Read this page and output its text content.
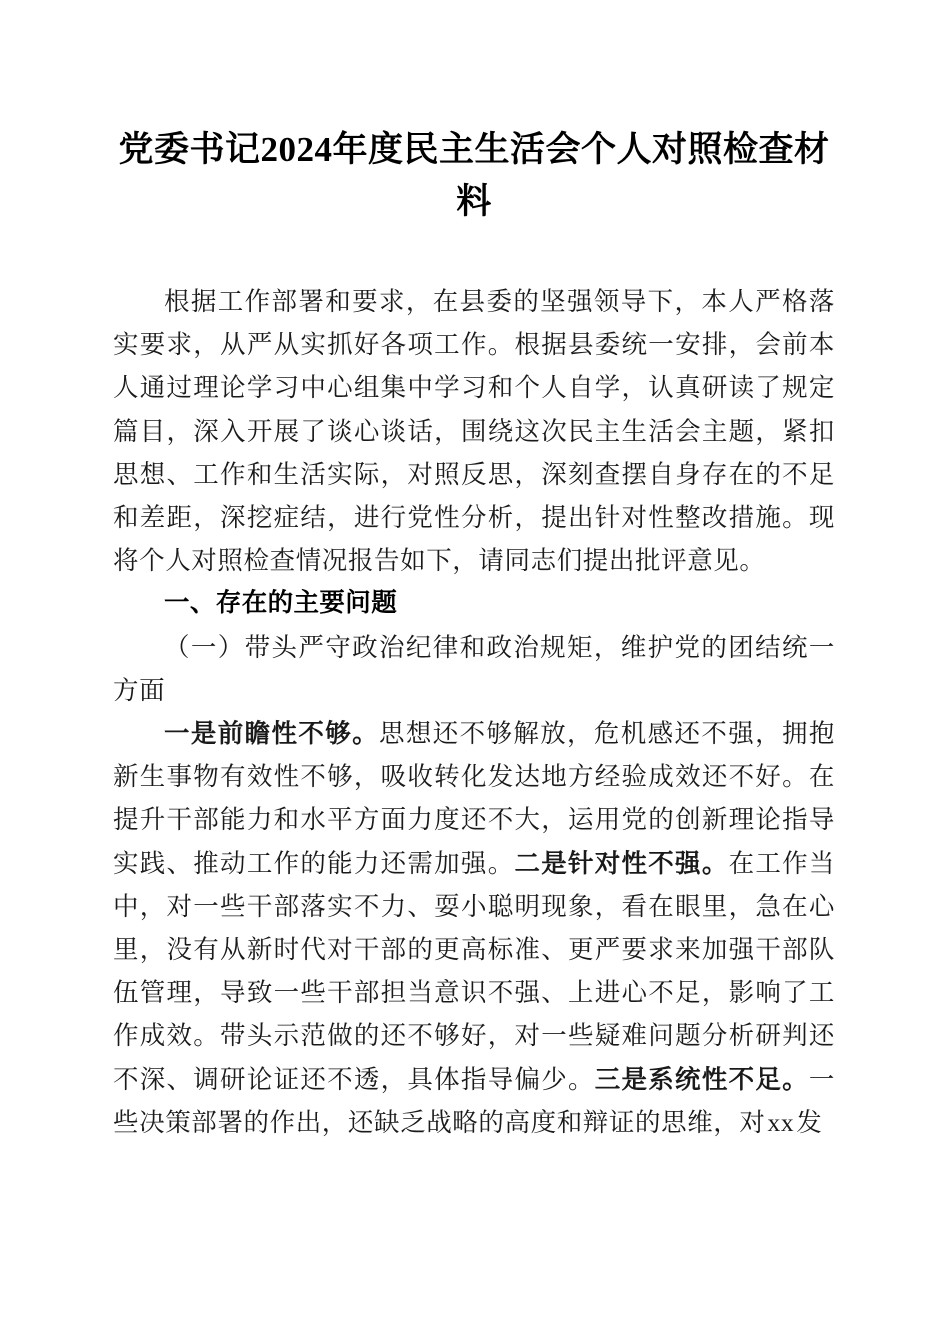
党委书记2024年度民主生活会个人对照检查材料

根据工作部署和要求，在县委的坚强领导下，本人严格落实要求，从严从实抓好各项工作。根据县委统一安排，会前本人通过理论学习中心组集中学习和个人自学，认真研读了规定篇目，深入开展了谈心谈话，围绕这次民主生活会主题，紧扣思想、工作和生活实际，对照反思，深刻查摆自身存在的不足和差距，深挖症结，进行党性分析，提出针对性整改措施。现将个人对照检查情况报告如下，请同志们提出批评意见。

一、存在的主要问题

（一）带头严守政治纪律和政治规矩，维护党的团结统一方面

一是前瞻性不够。思想还不够解放，危机感还不强，拥抱新生事物有效性不够，吸收转化发达地方经验成效还不好。在提升干部能力和水平方面力度还不大，运用党的创新理论指导实践、推动工作的能力还需加强。二是针对性不强。在工作当中，对一些干部落实不力、耍小聪明现象，看在眼里，急在心里，没有从新时代对干部的更高标准、更严要求来加强干部队伍管理，导致一些干部担当意识不强、上进心不足，影响了工作成效。带头示范做的还不够好，对一些疑难问题分析研判还不深、调研论证还不透，具体指导偏少。三是系统性不足。一些决策部署的作出，还缺乏战略的高度和辩证的思维，对xx发
